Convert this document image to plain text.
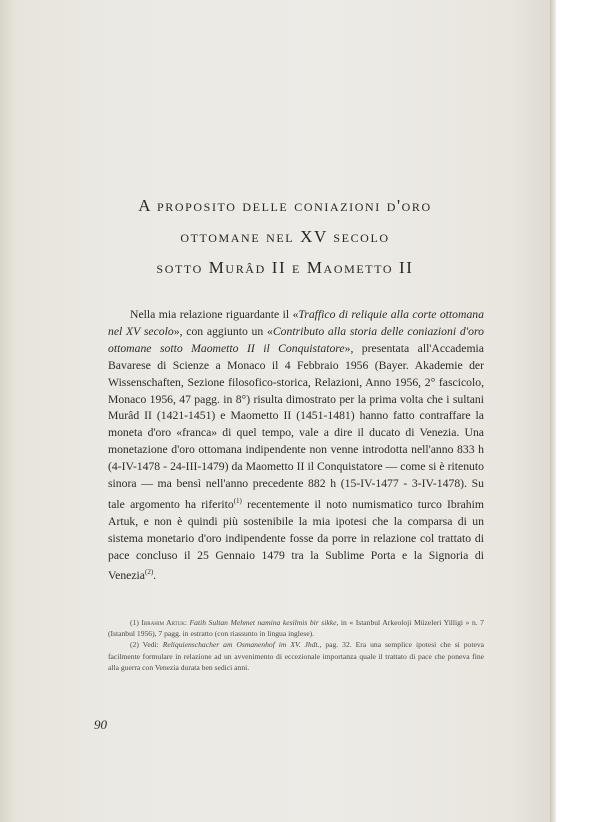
A proposito delle coniazioni d'oro
ottomane nel XV secolo
sotto Murâd II e Maometto II

Nella mia relazione riguardante il «Traffico di reliquie alla corte ottomana nel XV secolo», con aggiunto un «Contributo alla storia delle coniazioni d'oro ottomane sotto Maometto II il Conquistatore», presentata all'Accademia Bavarese di Scienze a Monaco il 4 Febbraio 1956 (Bayer. Akademie der Wissenschaften, Sezione filosofico-storica, Relazioni, Anno 1956, 2° fascicolo, Monaco 1956, 47 pagg. in 8°) risulta dimostrato per la prima volta che i sultani Murâd II (1421-1451) e Maometto II (1451-1481) hanno fatto contraffare la moneta d'oro «franca» di quel tempo, vale a dire il ducato di Venezia. Una monetazione d'oro ottomana indipendente non venne introdotta nell'anno 833 h (4-IV-1478 - 24-III-1479) da Maometto II il Conquistatore — come si è ritenuto sinora — ma bensì nell'anno precedente 882 h (15-IV-1477 - 3-IV-1478). Su tale argomento ha riferito$^{(1)}$ recentemente il noto numismatico turco Ibrahim Artuk, e non è quindi più sostenibile la mia ipotesi che la comparsa di un sistema monetario d'oro indipendente fosse da porre in relazione col trattato di pace concluso il 25 Gennaio 1479 tra la Sublime Porta e la Signoria di Venezia$^{(2)}$.

(1) Ibrahim Artuk: Fatih Sultan Mehmet namina kesilmis bir sikke, in « Istanbul Arkeoloji Müzeleri Yilligi » n. 7 (Istanbul 1956), 7 pagg. in estratto (con riassunto in lingua inglese).

(2) Vedi: Reliquienschacher am Osmanenhof im XV. Jhdt., pag. 32. Era una semplice ipotesi che si poteva facilmente formulare in relazione ad un avvenimento di eccezionale importanza quale il trattato di pace che poneva fine alla guerra con Venezia durata ben sedici anni.

90
